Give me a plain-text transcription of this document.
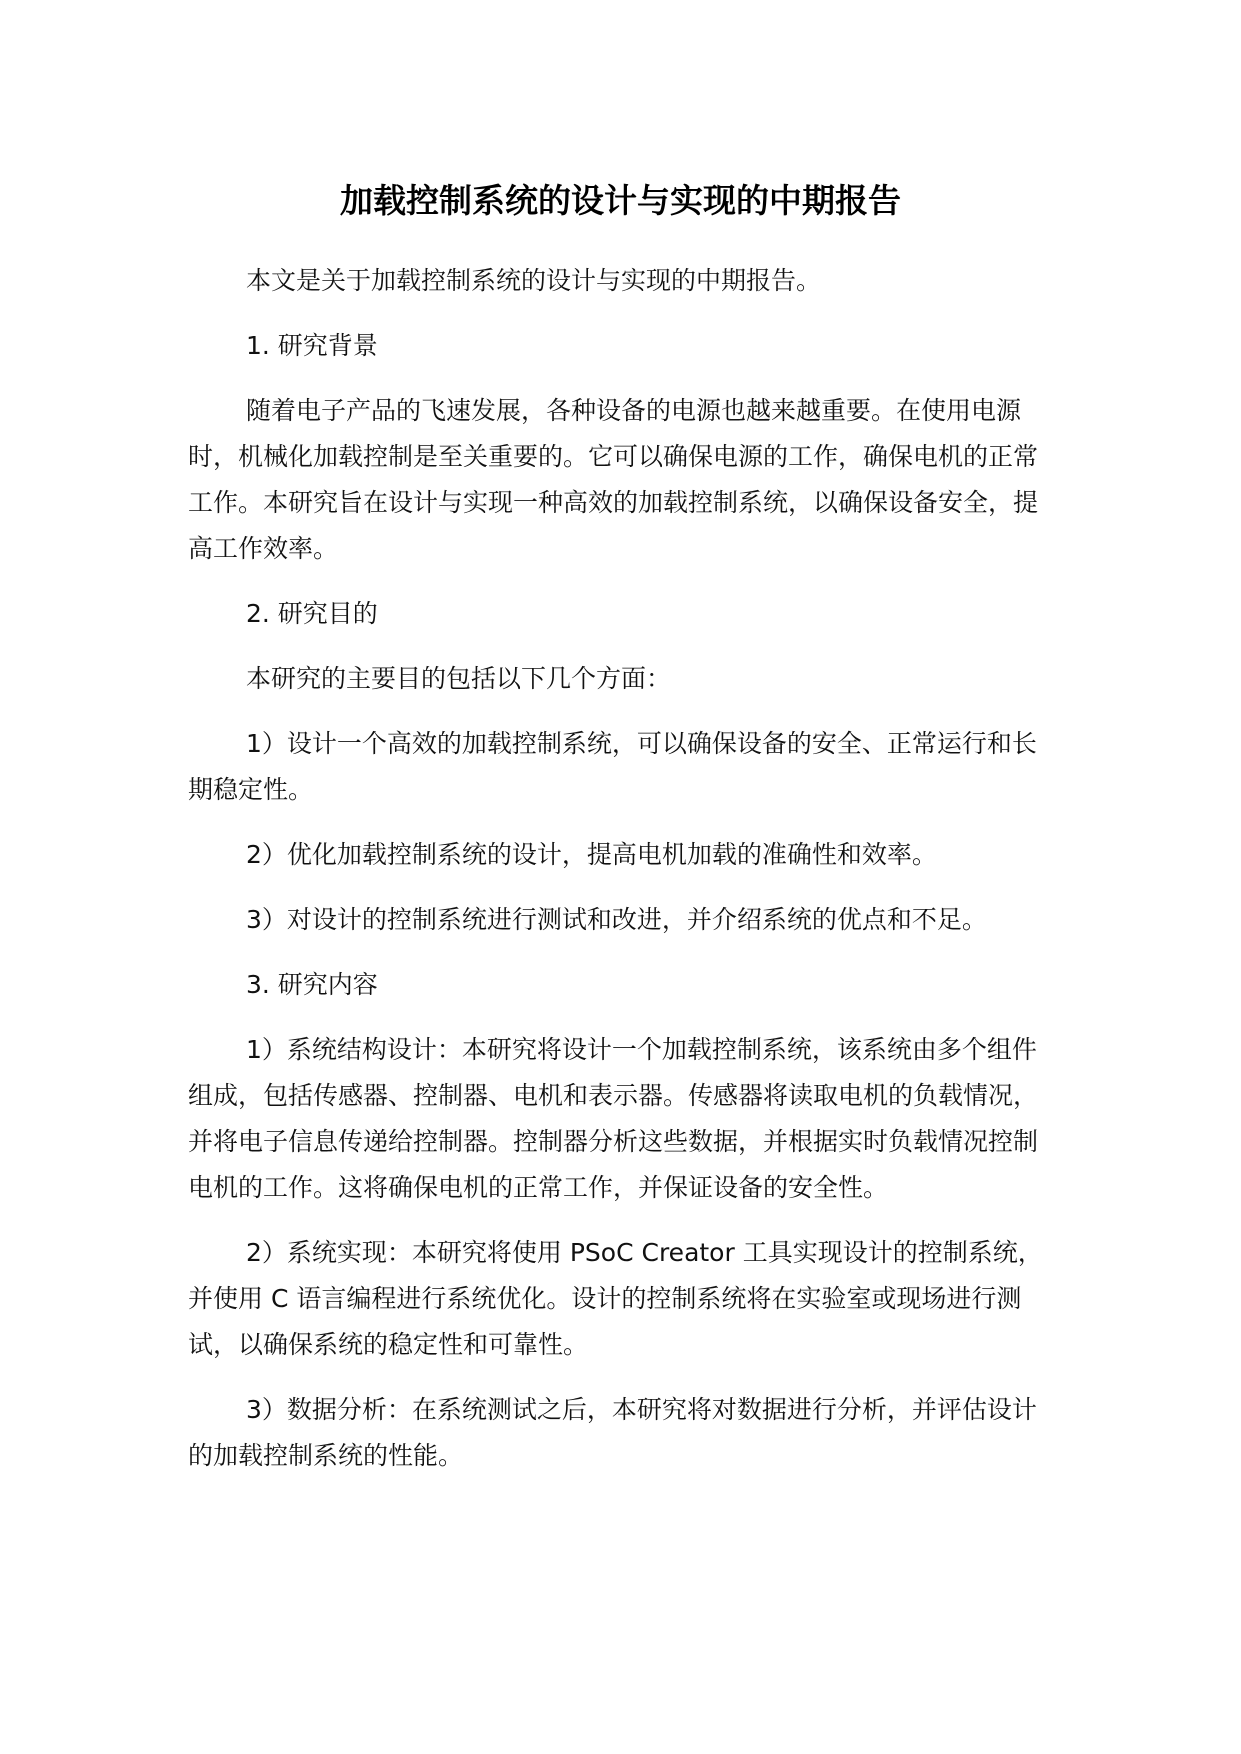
加载控制系统的设计与实现的中期报告

本文是关于加载控制系统的设计与实现的中期报告。

1. 研究背景

随着电子产品的飞速发展，各种设备的电源也越来越重要。在使用电源时，机械化加载控制是至关重要的。它可以确保电源的工作，确保电机的正常工作。本研究旨在设计与实现一种高效的加载控制系统，以确保设备安全，提高工作效率。

2. 研究目的

本研究的主要目的包括以下几个方面：

1）设计一个高效的加载控制系统，可以确保设备的安全、正常运行和长期稳定性。

2）优化加载控制系统的设计，提高电机加载的准确性和效率。

3）对设计的控制系统进行测试和改进，并介绍系统的优点和不足。

3. 研究内容

1）系统结构设计：本研究将设计一个加载控制系统，该系统由多个组件组成，包括传感器、控制器、电机和表示器。传感器将读取电机的负载情况，并将电子信息传递给控制器。控制器分析这些数据，并根据实时负载情况控制电机的工作。这将确保电机的正常工作，并保证设备的安全性。

2）系统实现：本研究将使用 PSoC Creator 工具实现设计的控制系统，并使用 C 语言编程进行系统优化。设计的控制系统将在实验室或现场进行测试，以确保系统的稳定性和可靠性。

3）数据分析：在系统测试之后，本研究将对数据进行分析，并评估设计的加载控制系统的性能。
